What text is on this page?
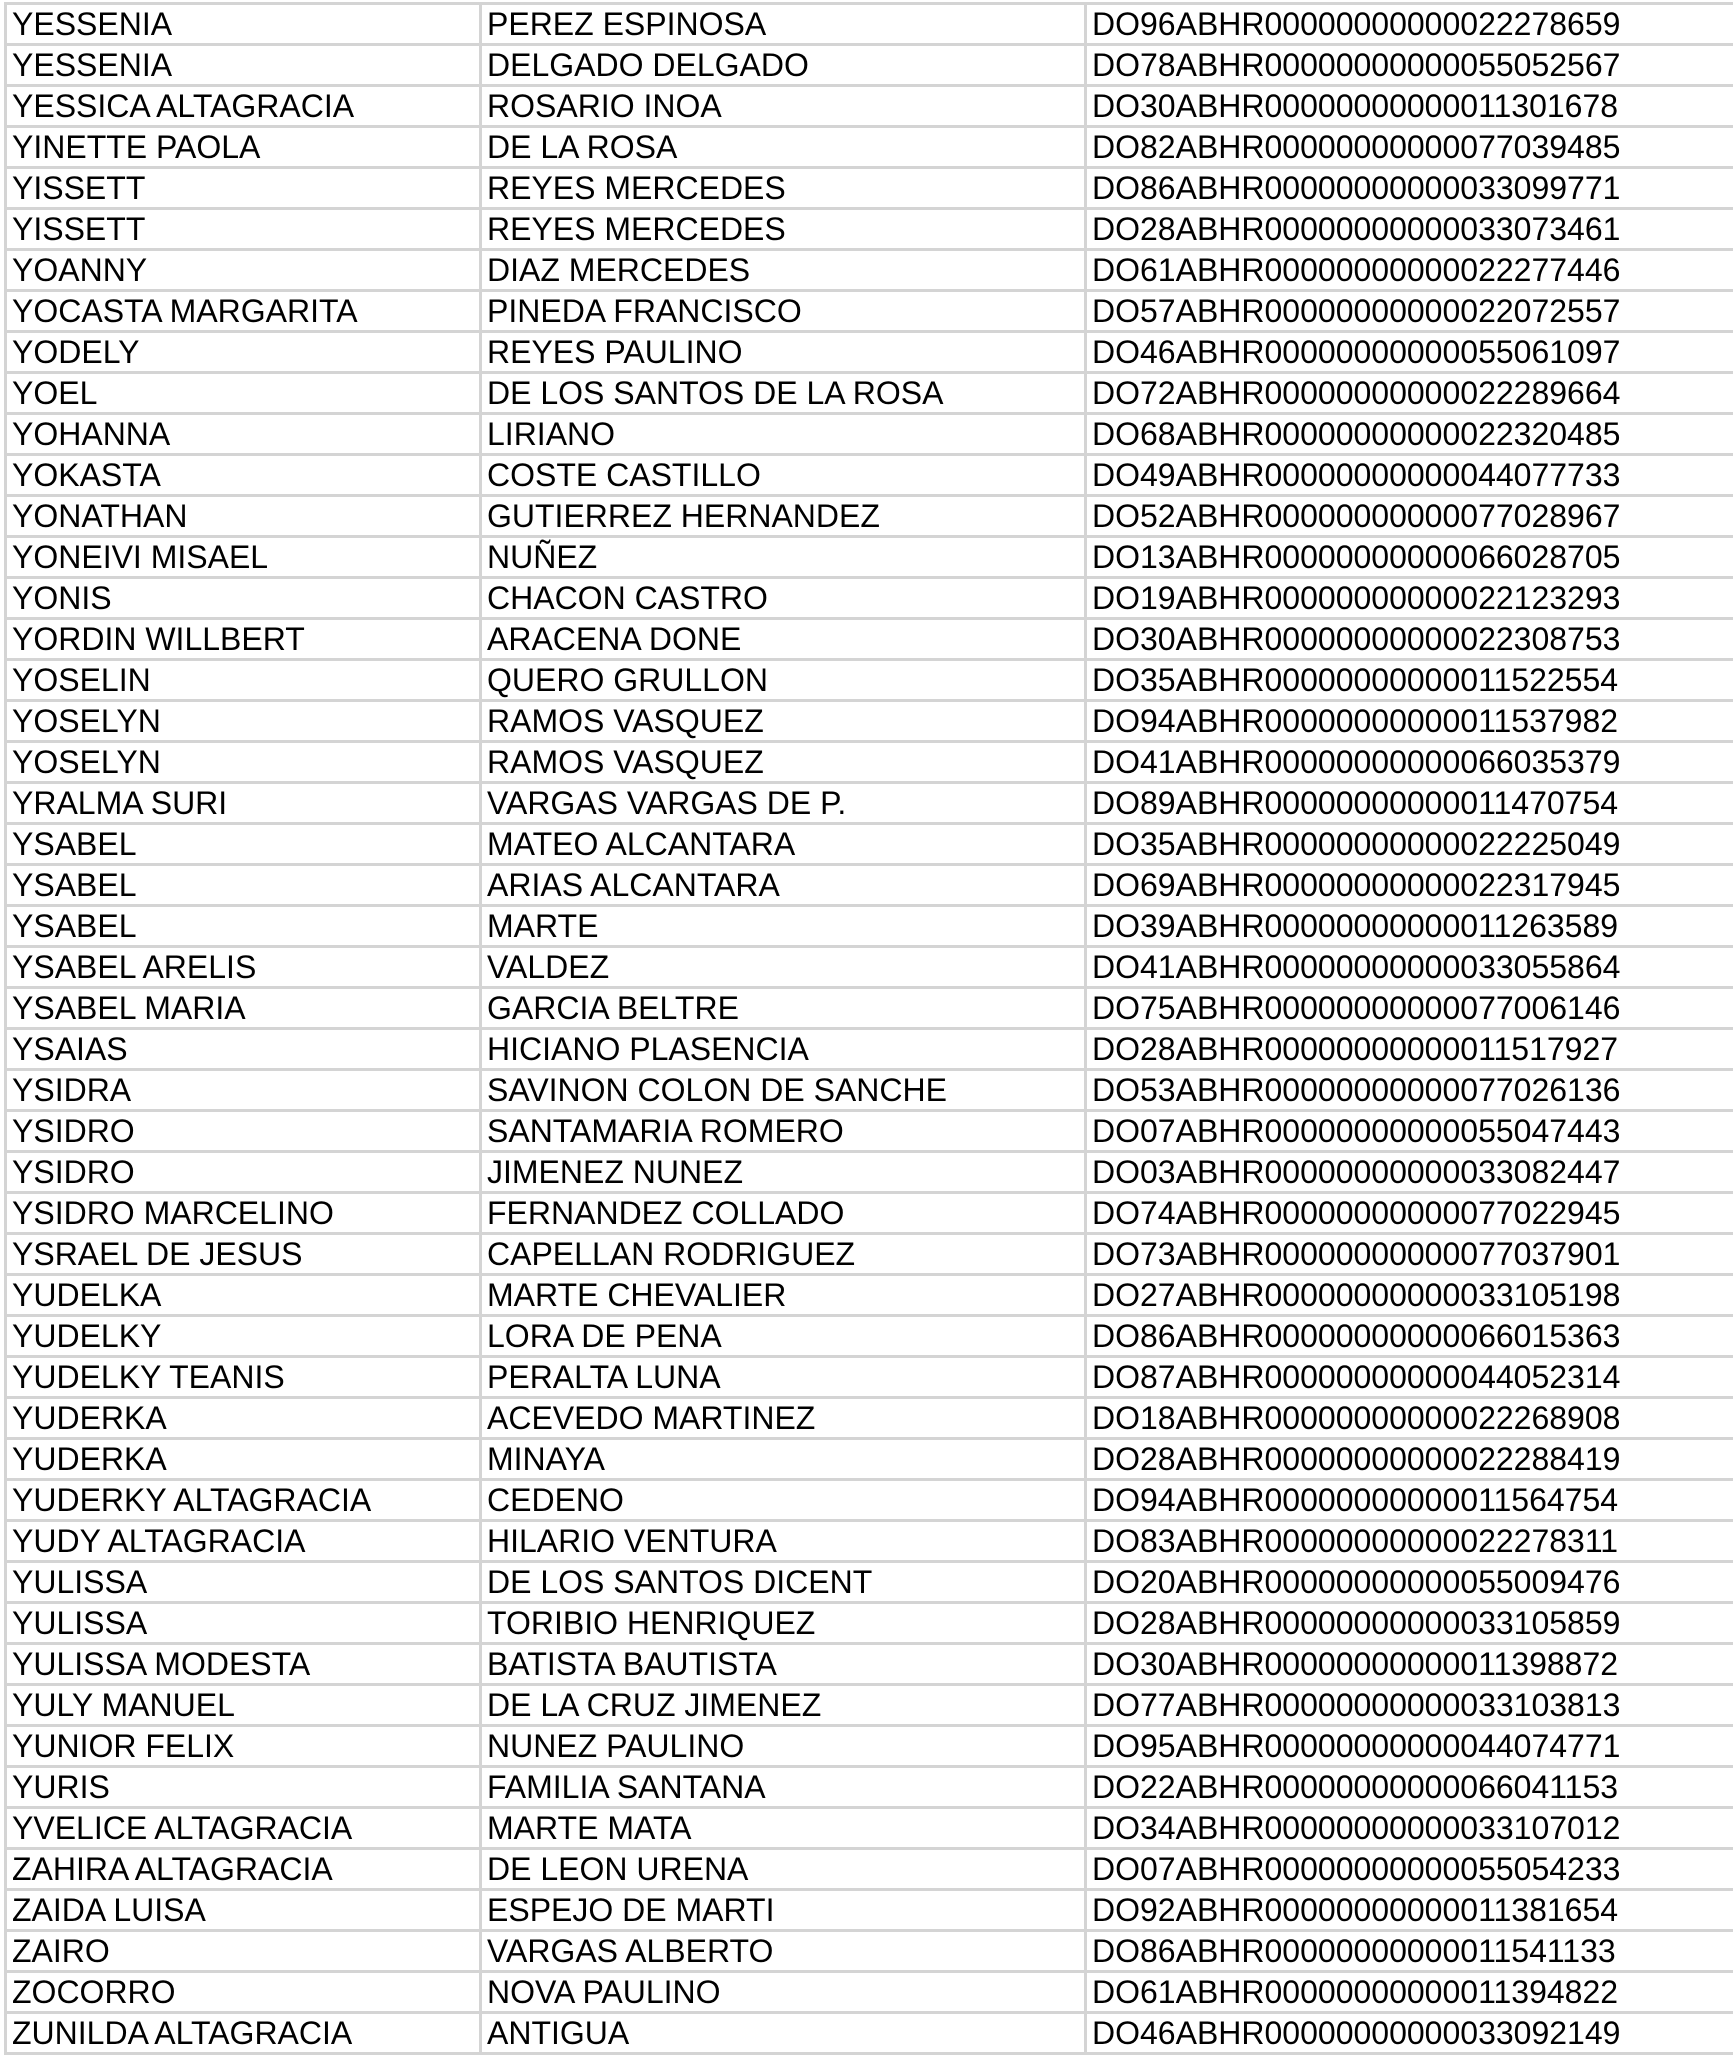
YESSENIA	PEREZ ESPINOSA	DO96ABHR00000000000022278659
YESSENIA	DELGADO DELGADO	DO78ABHR00000000000055052567
YESSICA ALTAGRACIA	ROSARIO INOA	DO30ABHR00000000000011301678
YINETTE PAOLA	DE LA ROSA	DO82ABHR00000000000077039485
YISSETT	REYES MERCEDES	DO86ABHR00000000000033099771
YISSETT	REYES MERCEDES	DO28ABHR00000000000033073461
YOANNY	DIAZ MERCEDES	DO61ABHR00000000000022277446
YOCASTA MARGARITA	PINEDA FRANCISCO	DO57ABHR00000000000022072557
YODELY	REYES PAULINO	DO46ABHR00000000000055061097
YOEL	DE LOS SANTOS DE LA ROSA	DO72ABHR00000000000022289664
YOHANNA	LIRIANO	DO68ABHR00000000000022320485
YOKASTA	COSTE CASTILLO	DO49ABHR00000000000044077733
YONATHAN	GUTIERREZ HERNANDEZ	DO52ABHR00000000000077028967
YONEIVI MISAEL	NUÑEZ	DO13ABHR00000000000066028705
YONIS	CHACON CASTRO	DO19ABHR00000000000022123293
YORDIN WILLBERT	ARACENA DONE	DO30ABHR00000000000022308753
YOSELIN	QUERO GRULLON	DO35ABHR00000000000011522554
YOSELYN	RAMOS VASQUEZ	DO94ABHR00000000000011537982
YOSELYN	RAMOS VASQUEZ	DO41ABHR00000000000066035379
YRALMA SURI	VARGAS VARGAS DE P.	DO89ABHR00000000000011470754
YSABEL	MATEO ALCANTARA	DO35ABHR00000000000022225049
YSABEL	ARIAS ALCANTARA	DO69ABHR00000000000022317945
YSABEL	MARTE	DO39ABHR00000000000011263589
YSABEL ARELIS	VALDEZ	DO41ABHR00000000000033055864
YSABEL MARIA	GARCIA BELTRE	DO75ABHR00000000000077006146
YSAIAS	HICIANO PLASENCIA	DO28ABHR00000000000011517927
YSIDRA	SAVINON COLON DE SANCHE	DO53ABHR00000000000077026136
YSIDRO	SANTAMARIA ROMERO	DO07ABHR00000000000055047443
YSIDRO	JIMENEZ NUNEZ	DO03ABHR00000000000033082447
YSIDRO MARCELINO	FERNANDEZ COLLADO	DO74ABHR00000000000077022945
YSRAEL DE JESUS	CAPELLAN RODRIGUEZ	DO73ABHR00000000000077037901
YUDELKA	MARTE CHEVALIER	DO27ABHR00000000000033105198
YUDELKY	LORA DE PENA	DO86ABHR00000000000066015363
YUDELKY TEANIS	PERALTA LUNA	DO87ABHR00000000000044052314
YUDERKA	ACEVEDO MARTINEZ	DO18ABHR00000000000022268908
YUDERKA	MINAYA	DO28ABHR00000000000022288419
YUDERKY ALTAGRACIA	CEDENO	DO94ABHR00000000000011564754
YUDY ALTAGRACIA	HILARIO VENTURA	DO83ABHR00000000000022278311
YULISSA	DE LOS SANTOS DICENT	DO20ABHR00000000000055009476
YULISSA	TORIBIO HENRIQUEZ	DO28ABHR00000000000033105859
YULISSA MODESTA	BATISTA BAUTISTA	DO30ABHR00000000000011398872
YULY MANUEL	DE LA CRUZ JIMENEZ	DO77ABHR00000000000033103813
YUNIOR FELIX	NUNEZ PAULINO	DO95ABHR00000000000044074771
YURIS	FAMILIA SANTANA	DO22ABHR00000000000066041153
YVELICE ALTAGRACIA	MARTE MATA	DO34ABHR00000000000033107012
ZAHIRA ALTAGRACIA	DE LEON URENA	DO07ABHR00000000000055054233
ZAIDA LUISA	ESPEJO DE MARTI	DO92ABHR00000000000011381654
ZAIRO	VARGAS ALBERTO	DO86ABHR00000000000011541133
ZOCORRO	NOVA PAULINO	DO61ABHR00000000000011394822
ZUNILDA ALTAGRACIA	ANTIGUA	DO46ABHR00000000000033092149
